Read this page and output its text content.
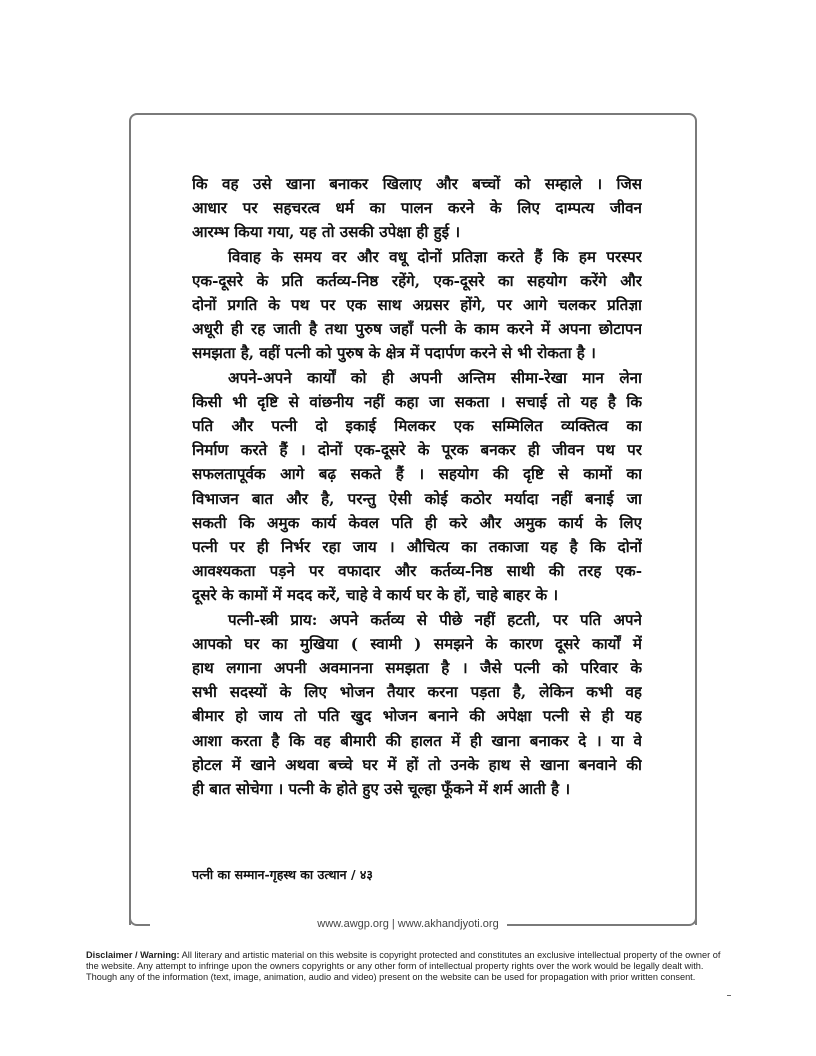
www.awgp.org | www.akhandjyoti.org
कि वह उसे खाना बनाकर खिलाए और बच्चों को सम्हाले । जिस
आधार पर सहचरत्व धर्म का पालन करने के लिए दाम्पत्य जीवन
आरम्भ किया गया, यह तो उसकी उपेक्षा ही हुई ।
विवाह के समय वर और वधू दोनों प्रतिज्ञा करते हैं कि हम परस्पर
एक-दूसरे के प्रति कर्तव्य-निष्ठ रहेंगे, एक-दूसरे का सहयोग करेंगे और
दोनों प्रगति के पथ पर एक साथ अग्रसर होंगे, पर आगे चलकर प्रतिज्ञा
अधूरी ही रह जाती है तथा पुरुष जहाँ पत्नी के काम करने में अपना छोटापन
समझता है, वहीं पत्नी को पुरुष के क्षेत्र में पदार्पण करने से भी रोकता है ।
अपने-अपने कार्यों को ही अपनी अन्तिम सीमा-रेखा मान लेना
किसी भी दृष्टि से वांछनीय नहीं कहा जा सकता । सचाई तो यह है कि
पति और पत्नी दो इकाई मिलकर एक सम्मिलित व्यक्तित्व का
निर्माण करते हैं । दोनों एक-दूसरे के पूरक बनकर ही जीवन पथ पर
सफलतापूर्वक आगे बढ़ सकते हैं । सहयोग की दृष्टि से कामों का
विभाजन बात और है, परन्तु ऐसी कोई कठोर मर्यादा नहीं बनाई जा
सकती कि अमुक कार्य केवल पति ही करे और अमुक कार्य के लिए
पत्नी पर ही निर्भर रहा जाय । औचित्य का तकाजा यह है कि दोनों
आवश्यकता पड़ने पर वफादार और कर्तव्य-निष्ठ साथी की तरह एक-
दूसरे के कामों में मदद करें, चाहे वे कार्य घर के हों, चाहे बाहर के ।
पत्नी-स्त्री प्राय: अपने कर्तव्य से पीछे नहीं हटती, पर पति अपने
आपको घर का मुखिया ( स्वामी ) समझने के कारण दूसरे कार्यों में
हाथ लगाना अपनी अवमानना समझता है । जैसे पत्नी को परिवार के
सभी सदस्यों के लिए भोजन तैयार करना पड़ता है, लेकिन कभी वह
बीमार हो जाय तो पति खुद भोजन बनाने की अपेक्षा पत्नी से ही यह
आशा करता है कि वह बीमारी की हालत में ही खाना बनाकर दे । या वे
होटल में खाने अथवा बच्चे घर में हों तो उनके हाथ से खाना बनवाने की
ही बात सोचेगा । पत्नी के होते हुए उसे चूल्हा फूँकने में शर्म आती है ।
पत्नी का सम्मान-गृहस्थ का उत्थान / ४३
Disclaimer / Warning: All literary and artistic material on this website is copyright protected and constitutes an exclusive intellectual property of the owner of the website. Any attempt to infringe upon the owners copyrights or any other form of intellectual property rights over the work would be legally dealt with. Though any of the information (text, image, animation, audio and video) present on the website can be used for propagation with prior written consent.
